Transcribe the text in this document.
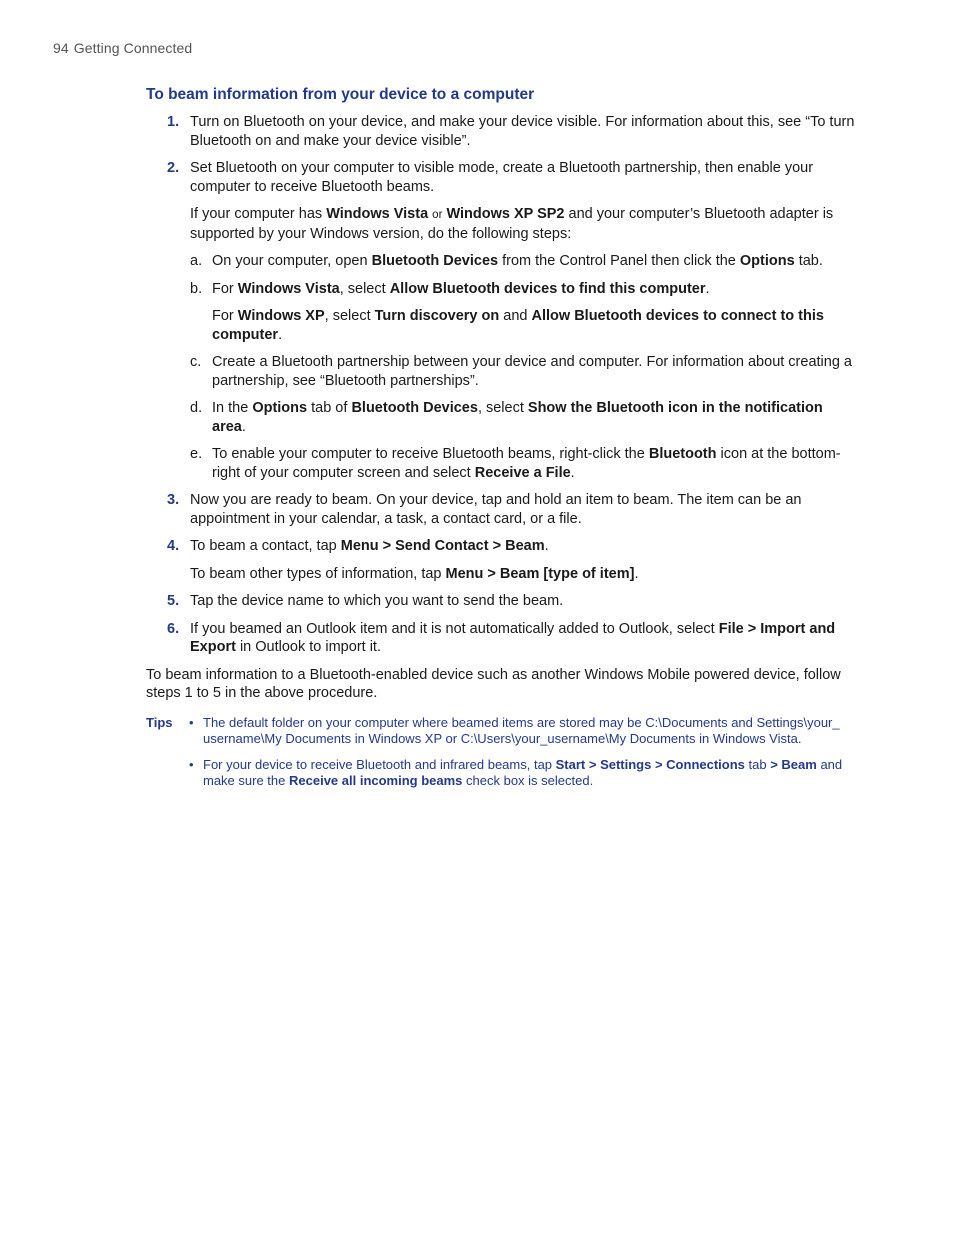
94 Getting Connected
To beam information from your device to a computer
1. Turn on Bluetooth on your device, and make your device visible. For information about this, see “To turn Bluetooth on and make your device visible”.

2. Set Bluetooth on your computer to visible mode, create a Bluetooth partnership, then enable your computer to receive Bluetooth beams.

If your computer has Windows Vista or Windows XP SP2 and your computer’s Bluetooth adapter is supported by your Windows version, do the following steps:

a. On your computer, open Bluetooth Devices from the Control Panel then click the Options tab.

b. For Windows Vista, select Allow Bluetooth devices to find this computer.

For Windows XP, select Turn discovery on and Allow Bluetooth devices to connect to this computer.

c. Create a Bluetooth partnership between your device and computer. For information about creating a partnership, see “Bluetooth partnerships”.

d. In the Options tab of Bluetooth Devices, select Show the Bluetooth icon in the notification area.

e. To enable your computer to receive Bluetooth beams, right-click the Bluetooth icon at the bottom-right of your computer screen and select Receive a File.

3. Now you are ready to beam. On your device, tap and hold an item to beam. The item can be an appointment in your calendar, a task, a contact card, or a file.

4. To beam a contact, tap Menu > Send Contact > Beam.

To beam other types of information, tap Menu > Beam [type of item].

5. Tap the device name to which you want to send the beam.

6. If you beamed an Outlook item and it is not automatically added to Outlook, select File > Import and Export in Outlook to import it.

To beam information to a Bluetooth-enabled device such as another Windows Mobile powered device, follow steps 1 to 5 in the above procedure.

Tips • The default folder on your computer where beamed items are stored may be C:\Documents and Settings\your_ username\My Documents in Windows XP or C:\Users\your_username\My Documents in Windows Vista.

• For your device to receive Bluetooth and infrared beams, tap Start > Settings > Connections tab > Beam and make sure the Receive all incoming beams check box is selected.
